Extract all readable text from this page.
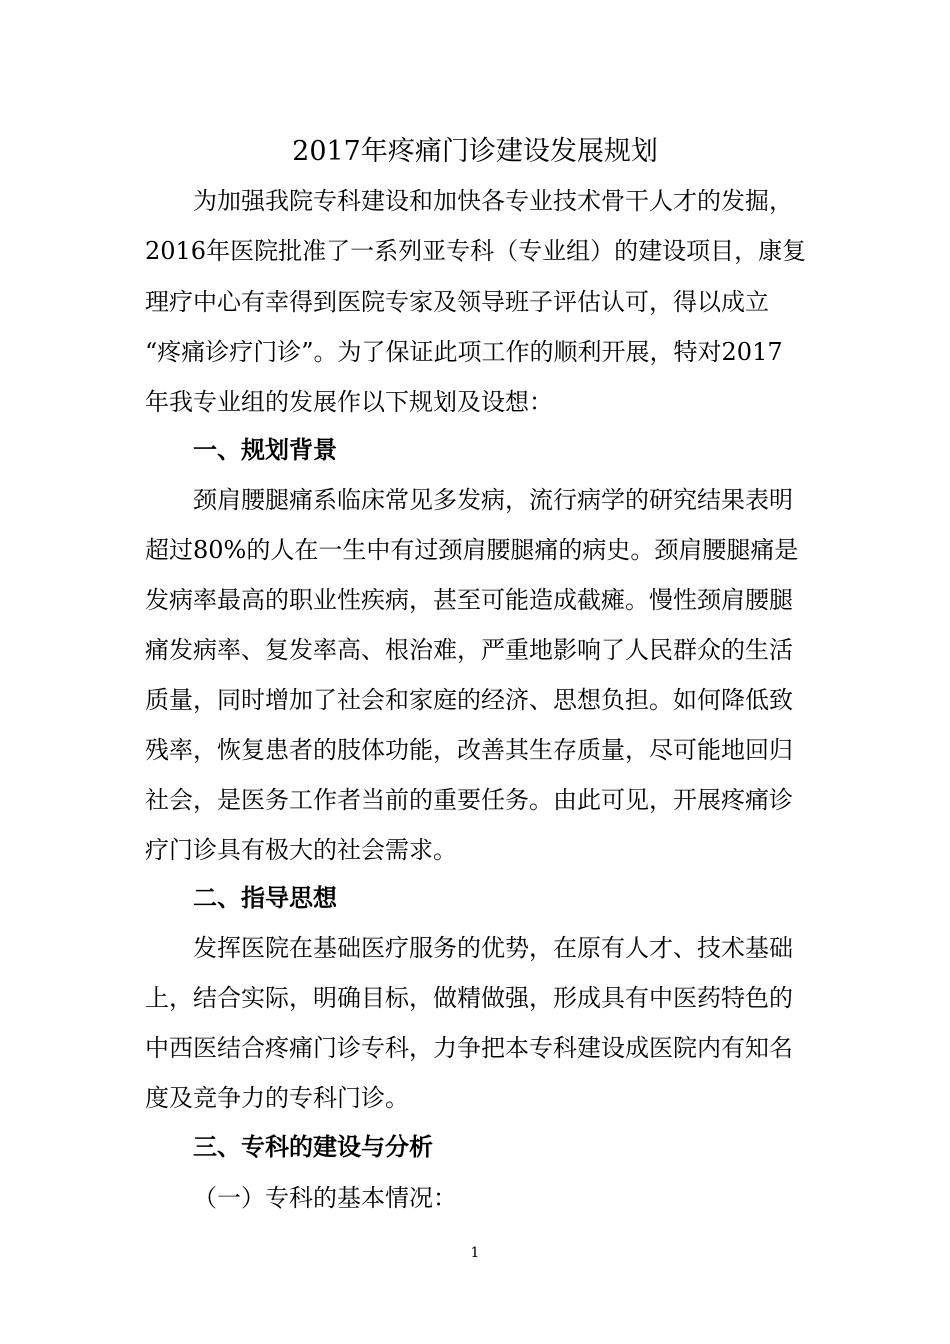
2017年疼痛门诊建设发展规划
为加强我院专科建设和加快各专业技术骨干人才的发掘，
2016年医院批准了一系列亚专科（专业组）的建设项目，康复
理疗中心有幸得到医院专家及领导班子评估认可，得以成立
“疼痛诊疗门诊”。为了保证此项工作的顺利开展，特对2017
年我专业组的发展作以下规划及设想：
一、规划背景
颈肩腰腿痛系临床常见多发病，流行病学的研究结果表明
超过80%的人在一生中有过颈肩腰腿痛的病史。颈肩腰腿痛是
发病率最高的职业性疾病，甚至可能造成截瘫。慢性颈肩腰腿
痛发病率、复发率高、根治难，严重地影响了人民群众的生活
质量，同时增加了社会和家庭的经济、思想负担。如何降低致
残率，恢复患者的肢体功能，改善其生存质量，尽可能地回归
社会，是医务工作者当前的重要任务。由此可见，开展疼痛诊
疗门诊具有极大的社会需求。
二、指导思想
发挥医院在基础医疗服务的优势，在原有人才、技术基础
上，结合实际，明确目标，做精做强，形成具有中医药特色的
中西医结合疼痛门诊专科，力争把本专科建设成医院内有知名
度及竞争力的专科门诊。
三、专科的建设与分析
（一）专科的基本情况：
1
